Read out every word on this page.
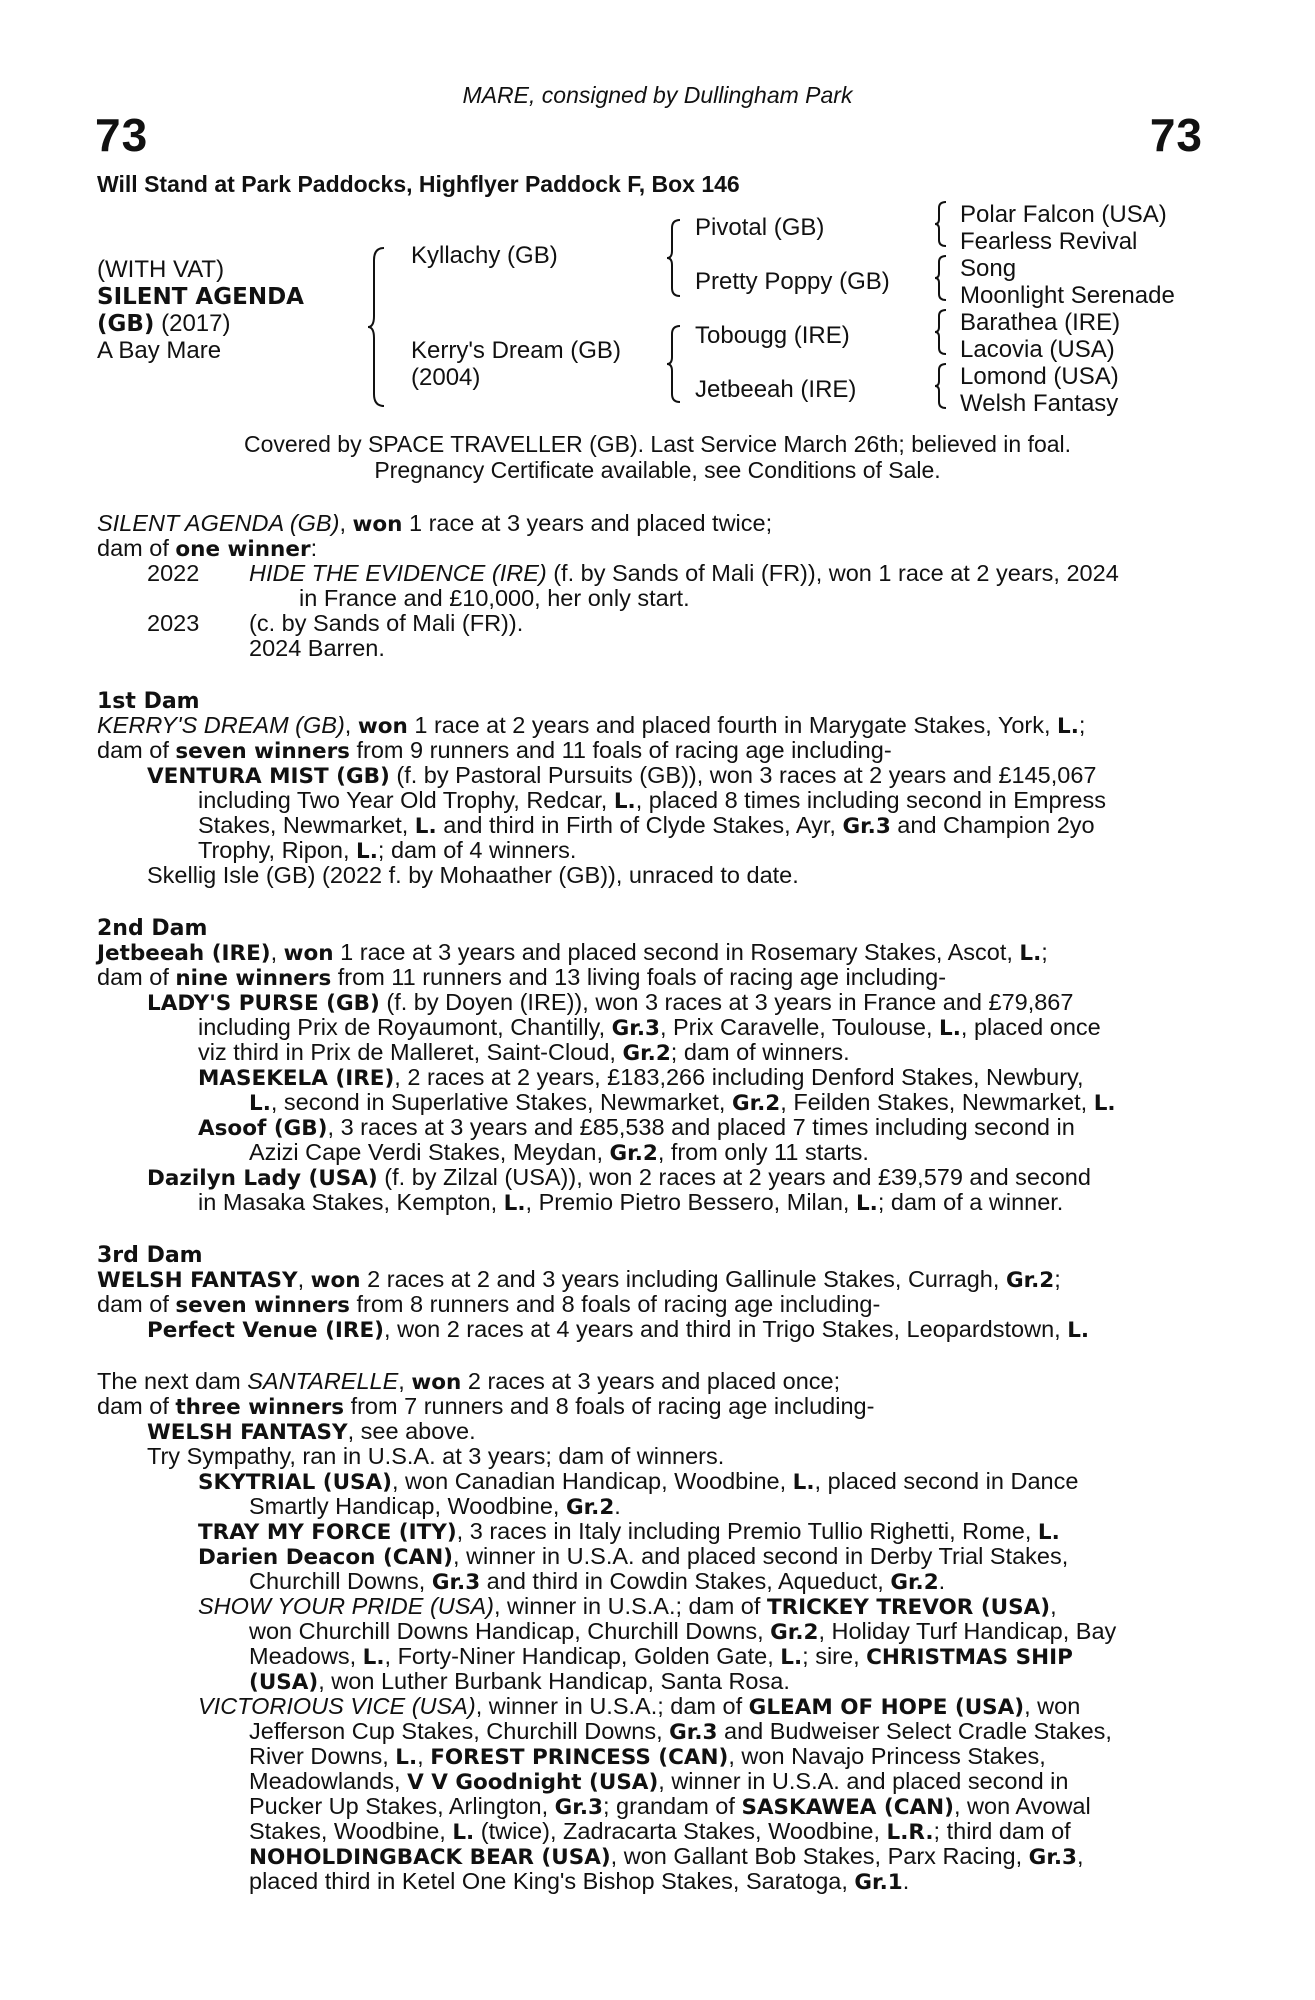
MARE, consigned by Dullingham Park
73	73
Will Stand at Park Paddocks, Highflyer Paddock F, Box 146
(WITH VAT)
SILENT AGENDA
(GB) (2017)
A Bay Mare
Kyllachy (GB)
Kerry's Dream (GB)
(2004)
Pivotal (GB)
Pretty Poppy (GB)
Tobougg (IRE)
Jetbeeah (IRE)
Polar Falcon (USA)
Fearless Revival
Song
Moonlight Serenade
Barathea (IRE)
Lacovia (USA)
Lomond (USA)
Welsh Fantasy
Covered by SPACE TRAVELLER (GB). Last Service March 26th; believed in foal.
Pregnancy Certificate available, see Conditions of Sale.
SILENT AGENDA (GB), won 1 race at 3 years and placed twice;
dam of one winner:
2022 HIDE THE EVIDENCE (IRE) (f. by Sands of Mali (FR)), won 1 race at 2 years, 2024
in France and £10,000, her only start.
2023 (c. by Sands of Mali (FR)).
2024 Barren.
1st Dam
KERRY'S DREAM (GB), won 1 race at 2 years and placed fourth in Marygate Stakes, York, L.;
dam of seven winners from 9 runners and 11 foals of racing age including-
VENTURA MIST (GB) (f. by Pastoral Pursuits (GB)), won 3 races at 2 years and £145,067
including Two Year Old Trophy, Redcar, L., placed 8 times including second in Empress
Stakes, Newmarket, L. and third in Firth of Clyde Stakes, Ayr, Gr.3 and Champion 2yo
Trophy, Ripon, L.; dam of 4 winners.
Skellig Isle (GB) (2022 f. by Mohaather (GB)), unraced to date.
2nd Dam
Jetbeeah (IRE), won 1 race at 3 years and placed second in Rosemary Stakes, Ascot, L.;
dam of nine winners from 11 runners and 13 living foals of racing age including-
LADY'S PURSE (GB) (f. by Doyen (IRE)), won 3 races at 3 years in France and £79,867
including Prix de Royaumont, Chantilly, Gr.3, Prix Caravelle, Toulouse, L., placed once
viz third in Prix de Malleret, Saint-Cloud, Gr.2; dam of winners.
MASEKELA (IRE), 2 races at 2 years, £183,266 including Denford Stakes, Newbury,
L., second in Superlative Stakes, Newmarket, Gr.2, Feilden Stakes, Newmarket, L.
Asoof (GB), 3 races at 3 years and £85,538 and placed 7 times including second in
Azizi Cape Verdi Stakes, Meydan, Gr.2, from only 11 starts.
Dazilyn Lady (USA) (f. by Zilzal (USA)), won 2 races at 2 years and £39,579 and second
in Masaka Stakes, Kempton, L., Premio Pietro Bessero, Milan, L.; dam of a winner.
3rd Dam
WELSH FANTASY, won 2 races at 2 and 3 years including Gallinule Stakes, Curragh, Gr.2;
dam of seven winners from 8 runners and 8 foals of racing age including-
Perfect Venue (IRE), won 2 races at 4 years and third in Trigo Stakes, Leopardstown, L.
The next dam SANTARELLE, won 2 races at 3 years and placed once;
dam of three winners from 7 runners and 8 foals of racing age including-
WELSH FANTASY, see above.
Try Sympathy, ran in U.S.A. at 3 years; dam of winners.
SKYTRIAL (USA), won Canadian Handicap, Woodbine, L., placed second in Dance
Smartly Handicap, Woodbine, Gr.2.
TRAY MY FORCE (ITY), 3 races in Italy including Premio Tullio Righetti, Rome, L.
Darien Deacon (CAN), winner in U.S.A. and placed second in Derby Trial Stakes,
Churchill Downs, Gr.3 and third in Cowdin Stakes, Aqueduct, Gr.2.
SHOW YOUR PRIDE (USA), winner in U.S.A.; dam of TRICKEY TREVOR (USA),
won Churchill Downs Handicap, Churchill Downs, Gr.2, Holiday Turf Handicap, Bay
Meadows, L., Forty-Niner Handicap, Golden Gate, L.; sire, CHRISTMAS SHIP
(USA), won Luther Burbank Handicap, Santa Rosa.
VICTORIOUS VICE (USA), winner in U.S.A.; dam of GLEAM OF HOPE (USA), won
Jefferson Cup Stakes, Churchill Downs, Gr.3 and Budweiser Select Cradle Stakes,
River Downs, L., FOREST PRINCESS (CAN), won Navajo Princess Stakes,
Meadowlands, V V Goodnight (USA), winner in U.S.A. and placed second in
Pucker Up Stakes, Arlington, Gr.3; grandam of SASKAWEA (CAN), won Avowal
Stakes, Woodbine, L. (twice), Zadracarta Stakes, Woodbine, L.R.; third dam of
NOHOLDINGBACK BEAR (USA), won Gallant Bob Stakes, Parx Racing, Gr.3,
placed third in Ketel One King's Bishop Stakes, Saratoga, Gr.1.
